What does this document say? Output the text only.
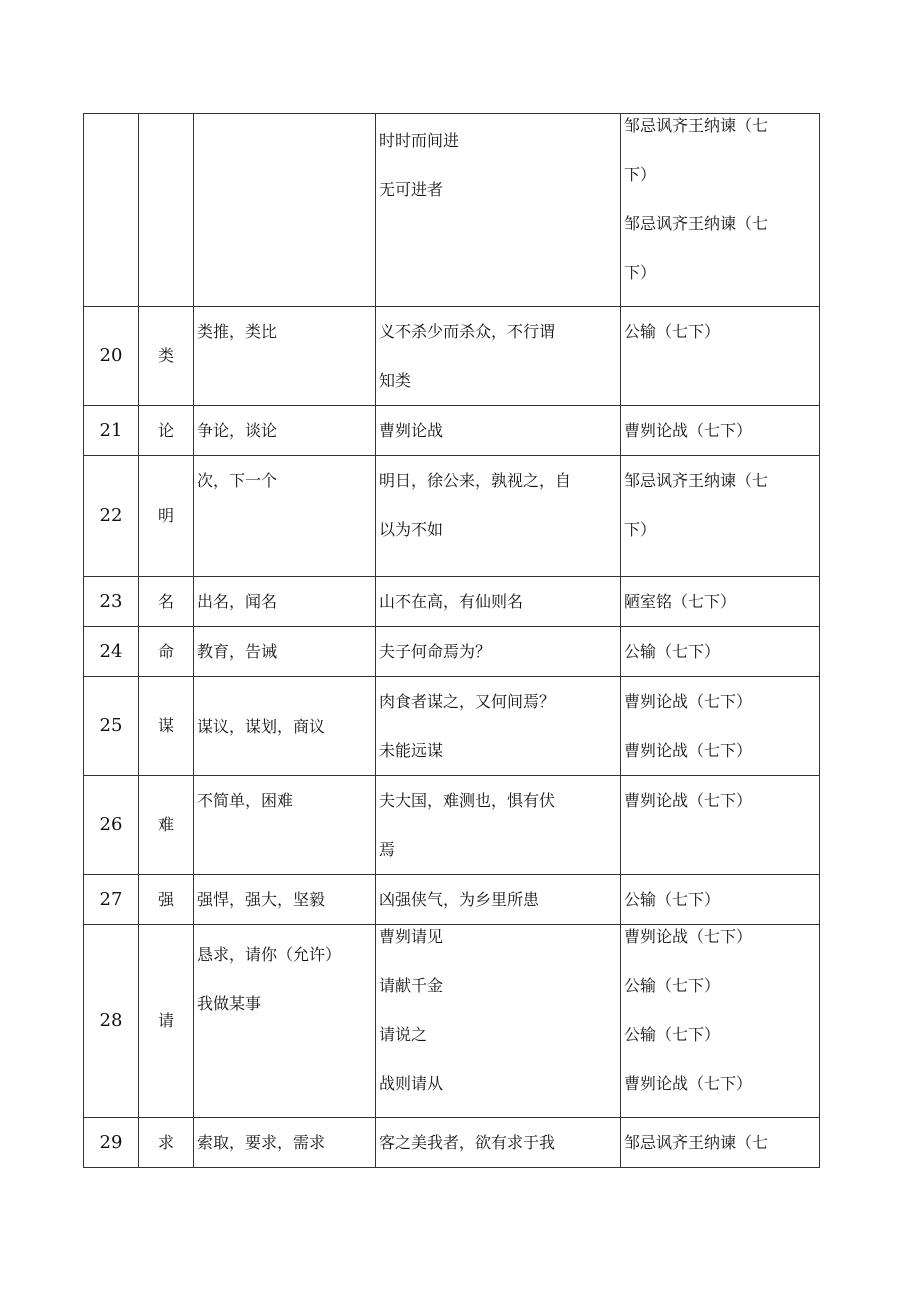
			时时而间进
无可进者	邹忌讽齐王纳谏（七
下）
邹忌讽齐王纳谏（七
下）

20	类	类推，类比	义不杀少而杀众，不行谓
知类	公输（七下）

21	论	争论，谈论	曹刿论战	曹刿论战（七下）

22	明	次，下一个	明日，徐公来，孰视之，自
以为不如	邹忌讽齐王纳谏（七
下）

23	名	出名，闻名	山不在高，有仙则名	陋室铭（七下）

24	命	教育，告诫	夫子何命焉为？	公输（七下）

25	谋	谋议，谋划，商议	肉食者谋之，又何间焉？
未能远谋	曹刿论战（七下）
曹刿论战（七下）

26	难	不简单，困难	夫大国，难测也，惧有伏
焉	曹刿论战（七下）

27	强	强悍，强大，坚毅	凶强侠气，为乡里所患	公输（七下）

28	请	恳求，请你（允许）
我做某事	曹刿请见
请献千金
请说之
战则请从	曹刿论战（七下）
公输（七下）
公输（七下）
曹刿论战（七下）

29	求	索取，要求，需求	客之美我者，欲有求于我	邹忌讽齐王纳谏（七
